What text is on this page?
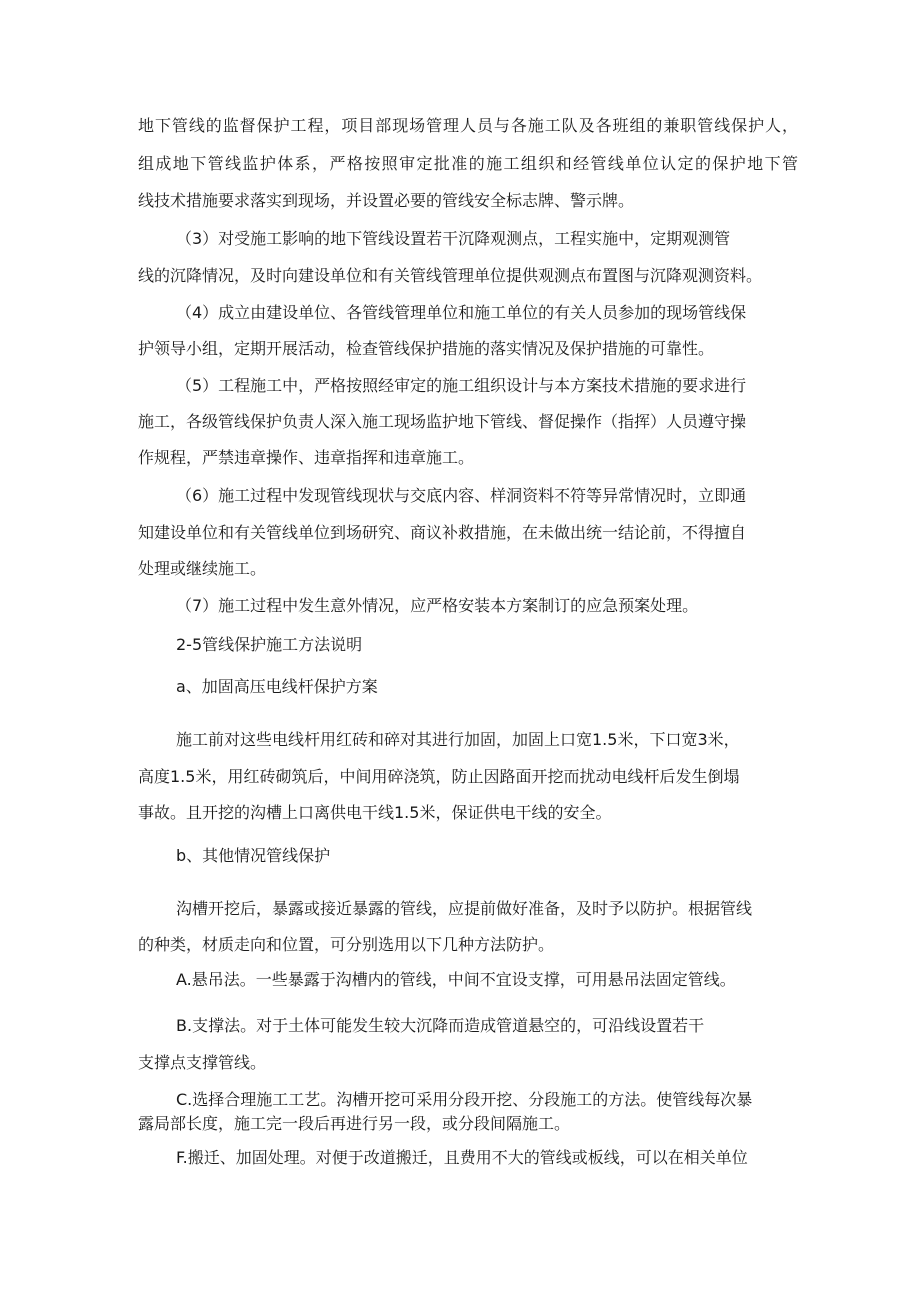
地下管线的监督保护工程，项目部现场管理人员与各施工队及各班组的兼职管线保护人，
组成地下管线监护体系，严格按照审定批准的施工组织和经管线单位认定的保护地下管
线技术措施要求落实到现场，并设置必要的管线安全标志牌、警示牌。
（3）对受施工影响的地下管线设置若干沉降观测点，工程实施中，定期观测管
线的沉降情况，及时向建设单位和有关管线管理单位提供观测点布置图与沉降观测资料。
（4）成立由建设单位、各管线管理单位和施工单位的有关人员参加的现场管线保
护领导小组，定期开展活动，检查管线保护措施的落实情况及保护措施的可靠性。
（5）工程施工中，严格按照经审定的施工组织设计与本方案技术措施的要求进行
施工，各级管线保护负责人深入施工现场监护地下管线、督促操作（指挥）人员遵守操
作规程，严禁违章操作、违章指挥和违章施工。
（6）施工过程中发现管线现状与交底内容、样洞资料不符等异常情况时，立即通
知建设单位和有关管线单位到场研究、商议补救措施，在未做出统一结论前，不得擅自
处理或继续施工。
（7）施工过程中发生意外情况，应严格安装本方案制订的应急预案处理。
2-5管线保护施工方法说明
a、加固高压电线杆保护方案
施工前对这些电线杆用红砖和碎对其进行加固，加固上口宽1.5米，下口宽3米，
高度1.5米，用红砖砌筑后，中间用碎浇筑，防止因路面开挖而扰动电线杆后发生倒塌
事故。且开挖的沟槽上口离供电干线1.5米，保证供电干线的安全。
b、其他情况管线保护
沟槽开挖后，暴露或接近暴露的管线，应提前做好准备，及时予以防护。根据管线
的种类，材质走向和位置，可分别选用以下几种方法防护。
A.悬吊法。一些暴露于沟槽内的管线，中间不宜设支撑，可用悬吊法固定管线。
B.支撑法。对于土体可能发生较大沉降而造成管道悬空的，可沿线设置若干
支撑点支撑管线。
C.选择合理施工工艺。沟槽开挖可采用分段开挖、分段施工的方法。使管线每次暴
露局部长度，施工完一段后再进行另一段，或分段间隔施工。
F.搬迁、加固处理。对便于改道搬迁，且费用不大的管线或板线，可以在相关单位
